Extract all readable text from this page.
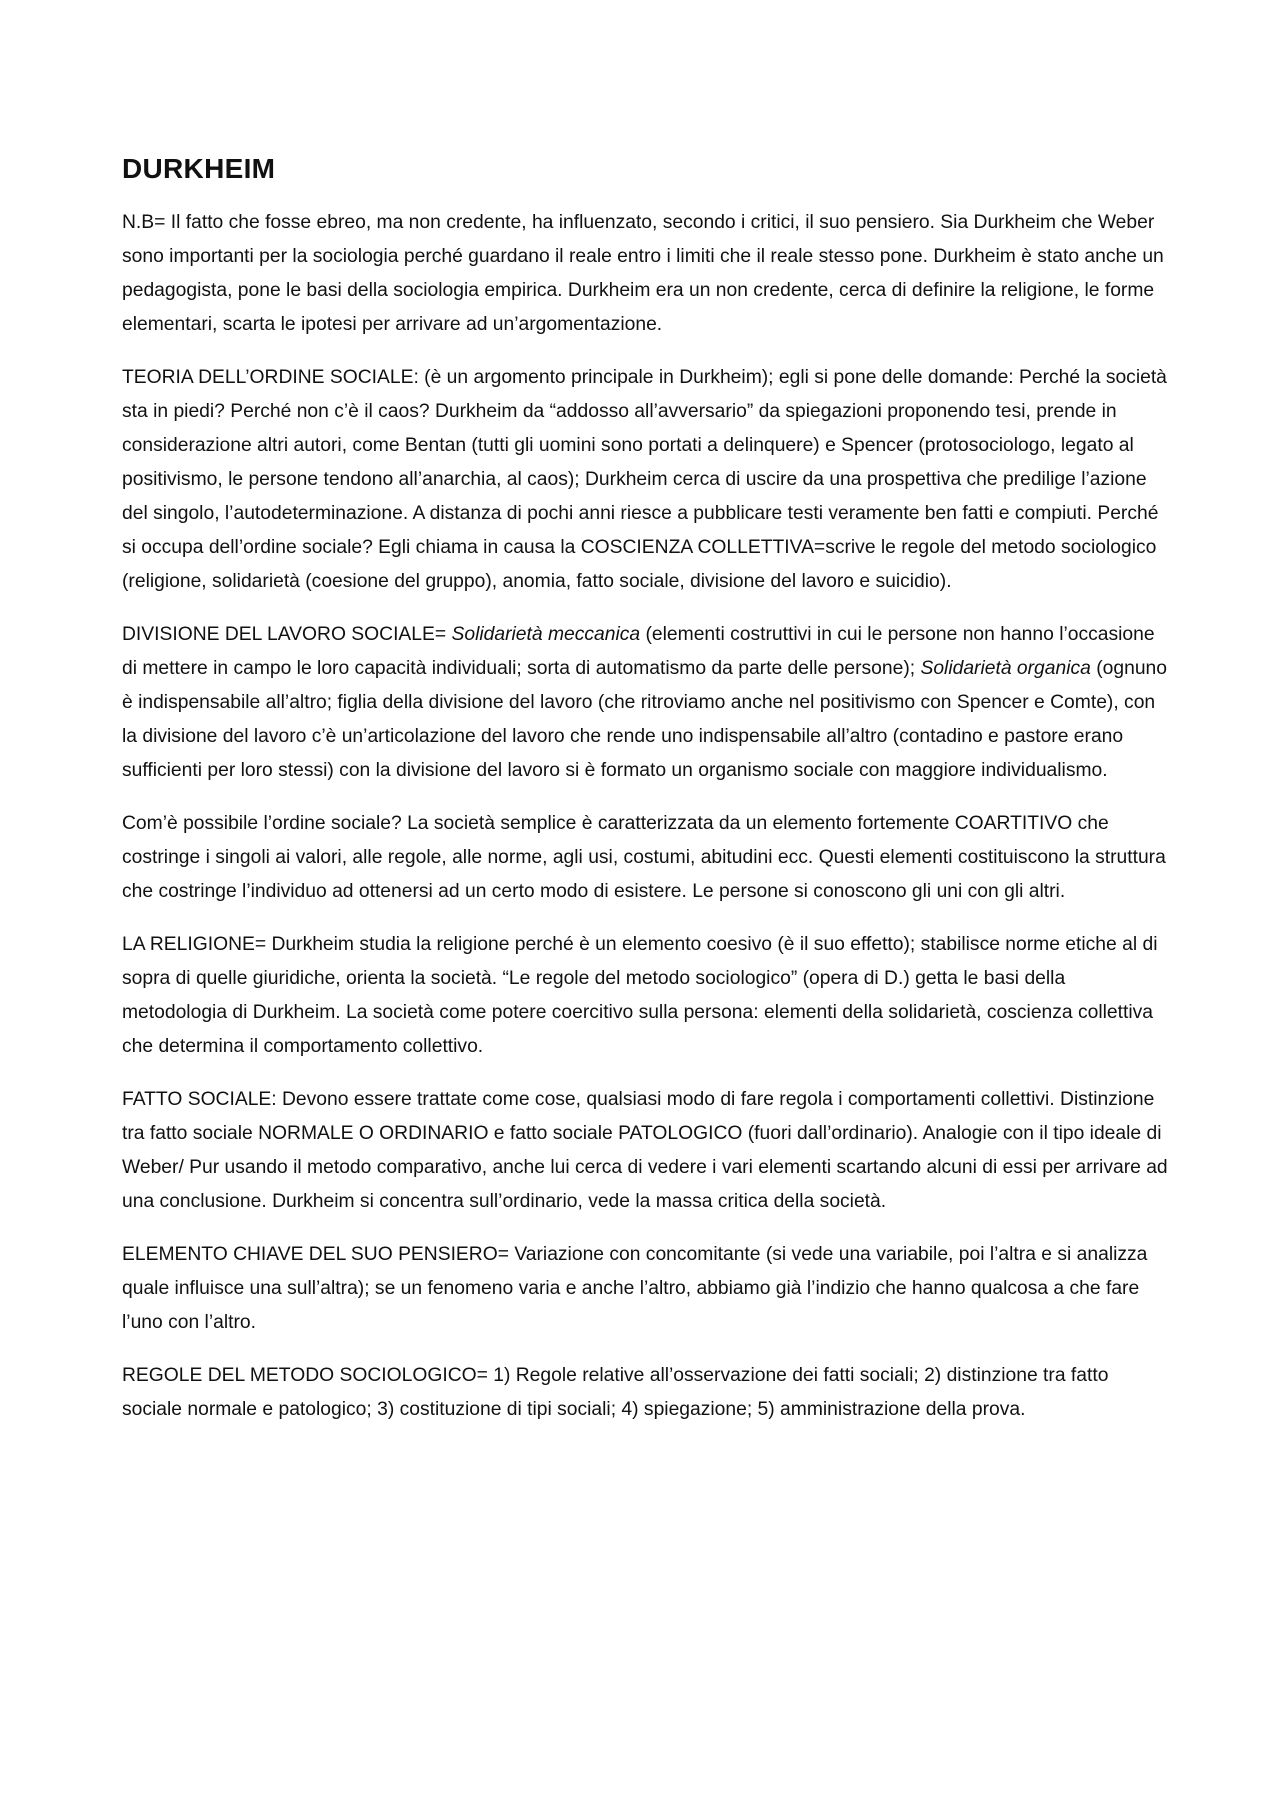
DURKHEIM

N.B= Il fatto che fosse ebreo, ma non credente, ha influenzato, secondo i critici, il suo pensiero. Sia Durkheim che Weber sono importanti per la sociologia perché guardano il reale entro i limiti che il reale stesso pone. Durkheim è stato anche un pedagogista, pone le basi della sociologia empirica. Durkheim era un non credente, cerca di definire la religione, le forme elementari, scarta le ipotesi per arrivare ad un’argomentazione.

TEORIA DELL’ORDINE SOCIALE: (è un argomento principale in Durkheim); egli si pone delle domande: Perché la società sta in piedi? Perché non c’è il caos? Durkheim da “addosso all’avversario” da spiegazioni proponendo tesi, prende in considerazione altri autori, come Bentan (tutti gli uomini sono portati a delinquere) e Spencer (protosociologo, legato al positivismo, le persone tendono all’anarchia, al caos); Durkheim cerca di uscire da una prospettiva che predilige l’azione del singolo, l’autodeterminazione. A distanza di pochi anni riesce a pubblicare testi veramente ben fatti e compiuti. Perché si occupa dell’ordine sociale? Egli chiama in causa la COSCIENZA COLLETTIVA=scrive le regole del metodo sociologico (religione, solidarietà (coesione del gruppo), anomia, fatto sociale, divisione del lavoro e suicidio).

DIVISIONE DEL LAVORO SOCIALE= Solidarietà meccanica (elementi costruttivi in cui le persone non hanno l’occasione di mettere in campo le loro capacità individuali; sorta di automatismo da parte delle persone); Solidarietà organica (ognuno è indispensabile all’altro; figlia della divisione del lavoro (che ritroviamo anche nel positivismo con Spencer e Comte), con la divisione del lavoro c’è un’articolazione del lavoro che rende uno indispensabile all’altro (contadino e pastore erano sufficienti per loro stessi) con la divisione del lavoro si è formato un organismo sociale con maggiore individualismo.

Com’è possibile l’ordine sociale? La società semplice è caratterizzata da un elemento fortemente COARTITIVO che costringe i singoli ai valori, alle regole, alle norme, agli usi, costumi, abitudini ecc. Questi elementi costituiscono la struttura che costringe l’individuo ad ottenersi ad un certo modo di esistere. Le persone si conoscono gli uni con gli altri.

LA RELIGIONE= Durkheim studia la religione perché è un elemento coesivo (è il suo effetto); stabilisce norme etiche al di sopra di quelle giuridiche, orienta la società. “Le regole del metodo sociologico” (opera di D.) getta le basi della metodologia di Durkheim. La società come potere coercitivo sulla persona: elementi della solidarietà, coscienza collettiva che determina il comportamento collettivo.

FATTO SOCIALE: Devono essere trattate come cose, qualsiasi modo di fare regola i comportamenti collettivi. Distinzione tra fatto sociale NORMALE O ORDINARIO e fatto sociale PATOLOGICO (fuori dall’ordinario). Analogie con il tipo ideale di Weber/ Pur usando il metodo comparativo, anche lui cerca di vedere i vari elementi scartando alcuni di essi per arrivare ad una conclusione. Durkheim si concentra sull’ordinario, vede la massa critica della società.

ELEMENTO CHIAVE DEL SUO PENSIERO= Variazione con concomitante (si vede una variabile, poi l’altra e si analizza quale influisce una sull’altra); se un fenomeno varia e anche l’altro, abbiamo già l’indizio che hanno qualcosa a che fare l’uno con l’altro.

REGOLE DEL METODO SOCIOLOGICO= 1) Regole relative all’osservazione dei fatti sociali; 2) distinzione tra fatto sociale normale e patologico; 3) costituzione di tipi sociali; 4) spiegazione; 5) amministrazione della prova.
